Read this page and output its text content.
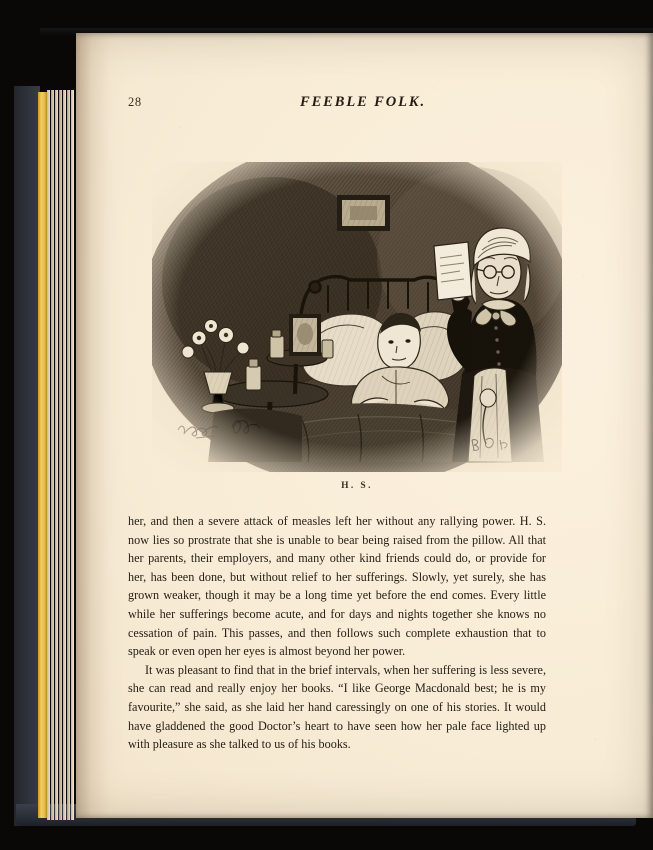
28	FEEBLE FOLK.
H. S.

her, and then a severe attack of measles left her without any rallying power. H. S. now lies so prostrate that she is unable to bear being raised from the pillow. All that her parents, their employers, and many other kind friends could do, or provide for her, has been done, but without relief to her sufferings. Slowly, yet surely, she has grown weaker, though it may be a long time yet before the end comes. Every little while her sufferings become acute, and for days and nights together she knows no cessation of pain. This passes, and then follows such complete exhaustion that to speak or even open her eyes is almost beyond her power.

It was pleasant to find that in the brief intervals, when her suffering is less severe, she can read and really enjoy her books. “I like George Macdonald best; he is my favourite,” she said, as she laid her hand caressingly on one of his stories. It would have gladdened the good Doctor’s heart to have seen how her pale face lighted up with pleasure as she talked to us of his books.
